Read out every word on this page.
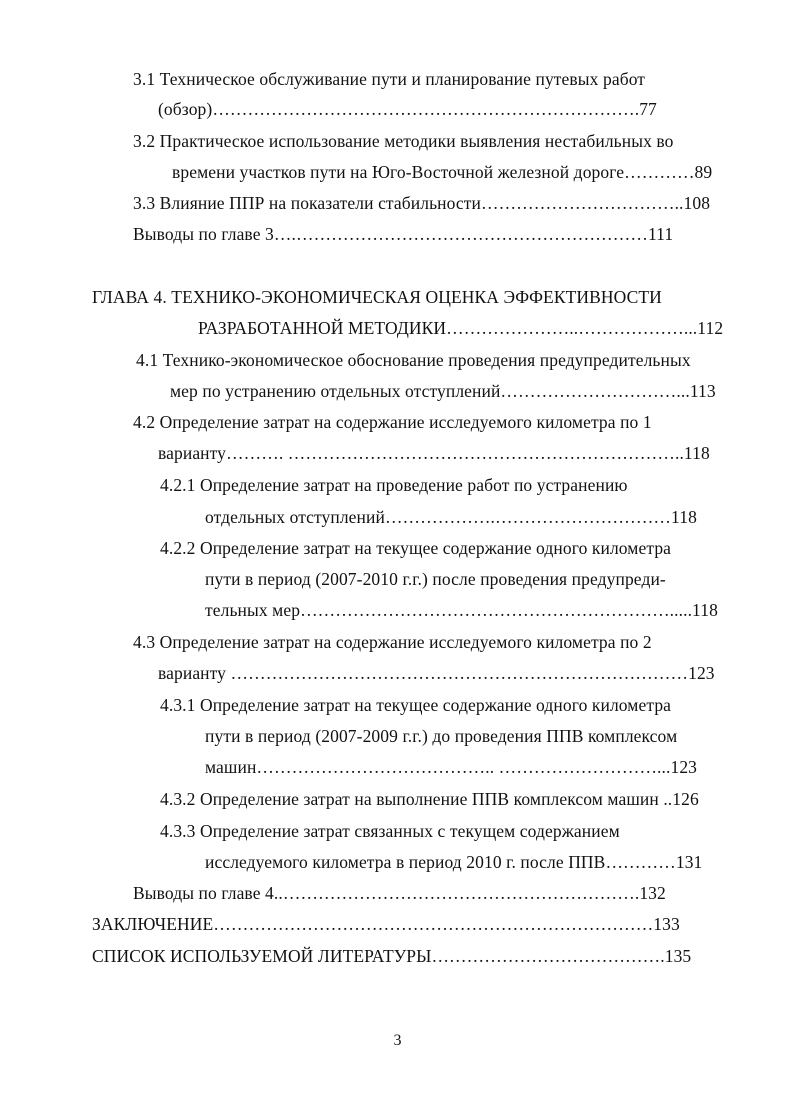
3.1 Техническое обслуживание пути и планирование путевых работ
(обзор)……………………………………………………………….77
3.2 Практическое использование методики выявления нестабильных во
времени участков пути на Юго-Восточной железной дороге…………89
3.3 Влияние ППР на показатели стабильности……………………………..108
Выводы по главе 3….……………………………………………………111
ГЛАВА 4. ТЕХНИКО-ЭКОНОМИЧЕСКАЯ ОЦЕНКА ЭФФЕКТИВНОСТИ
РАЗРАБОТАННОЙ МЕТОДИКИ…………………..………………...112
4.1 Технико-экономическое обоснование проведения предупредительных
мер по устранению отдельных отступлений…………………………...113
4.2 Определение затрат на содержание исследуемого километра по 1
варианту………. …………………………………………………………..118
4.2.1 Определение затрат на проведение работ по устранению
отдельных отступлений……………….…………………………118
4.2.2 Определение затрат на текущее содержание одного километра
пути в период (2007-2010 г.г.) после проведения предупреди-
тельных мер……………………………………………………….....118
4.3 Определение затрат на содержание исследуемого километра по 2
варианту ……………………………………………………………………123
4.3.1 Определение затрат на текущее содержание одного километра
пути в период (2007-2009 г.г.) до проведения ППВ комплексом
машин………………………………….. ………………………...123
4.3.2 Определение затрат на выполнение ППВ комплексом машин ..126
4.3.3 Определение затрат связанных с текущем содержанием
исследуемого километра в период 2010 г. после ППВ…………131
Выводы по главе 4..…………………………………………………….132
ЗАКЛЮЧЕНИЕ…………………………………………………………………133
СПИСОК ИСПОЛЬЗУЕМОЙ ЛИТЕРАТУРЫ………………………………….135
3
